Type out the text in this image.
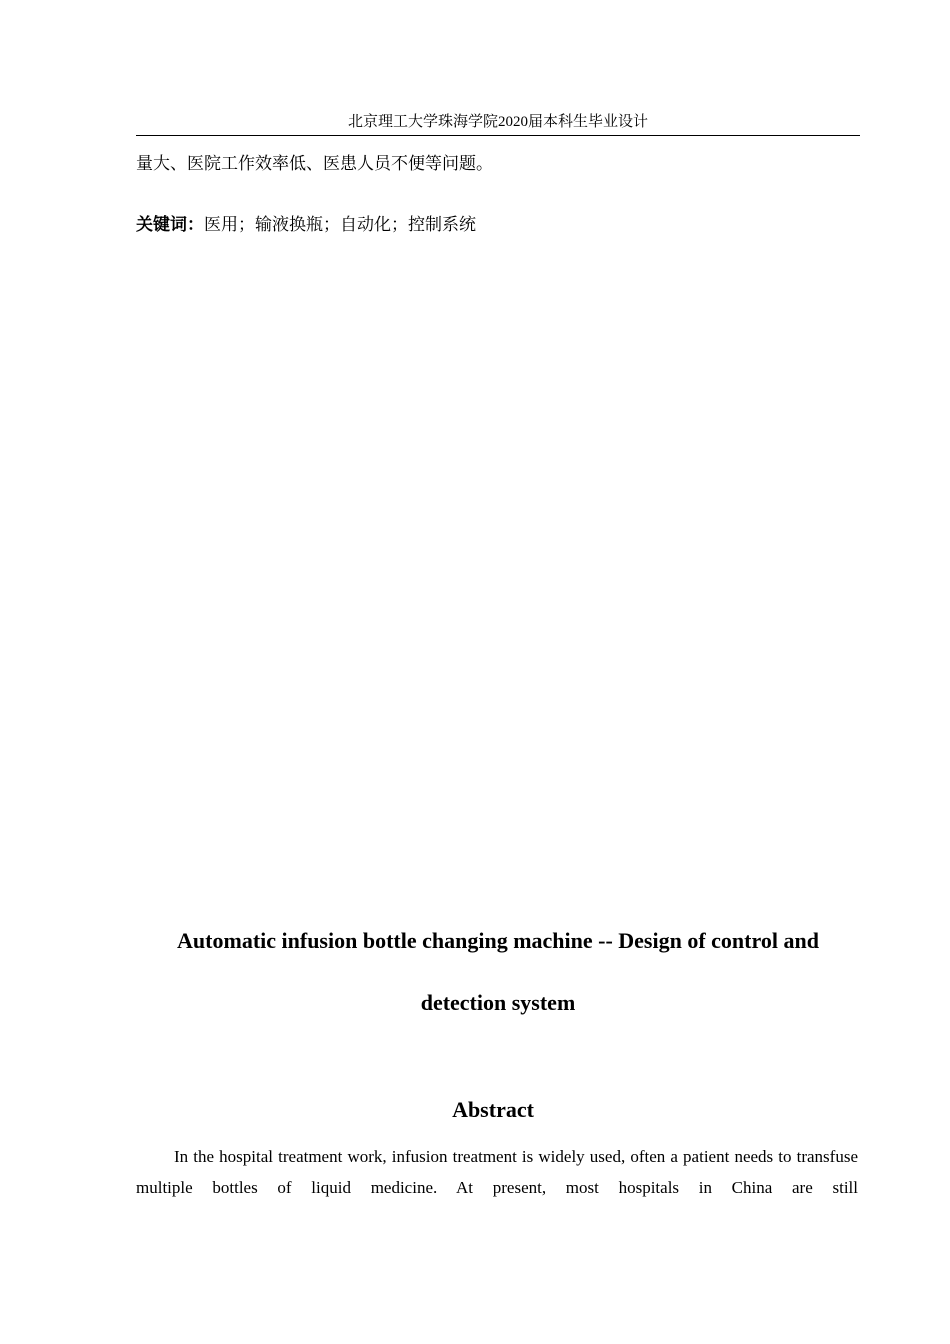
北京理工大学珠海学院2020届本科生毕业设计
量大、医院工作效率低、医患人员不便等问题。
关键词：医用；输液换瓶；自动化；控制系统
Automatic infusion bottle changing machine -- Design of control and
detection system
Abstract

In the hospital treatment work, infusion treatment is widely used, often a patient needs to transfuse multiple bottles of liquid medicine. At present, most hospitals in China are still
